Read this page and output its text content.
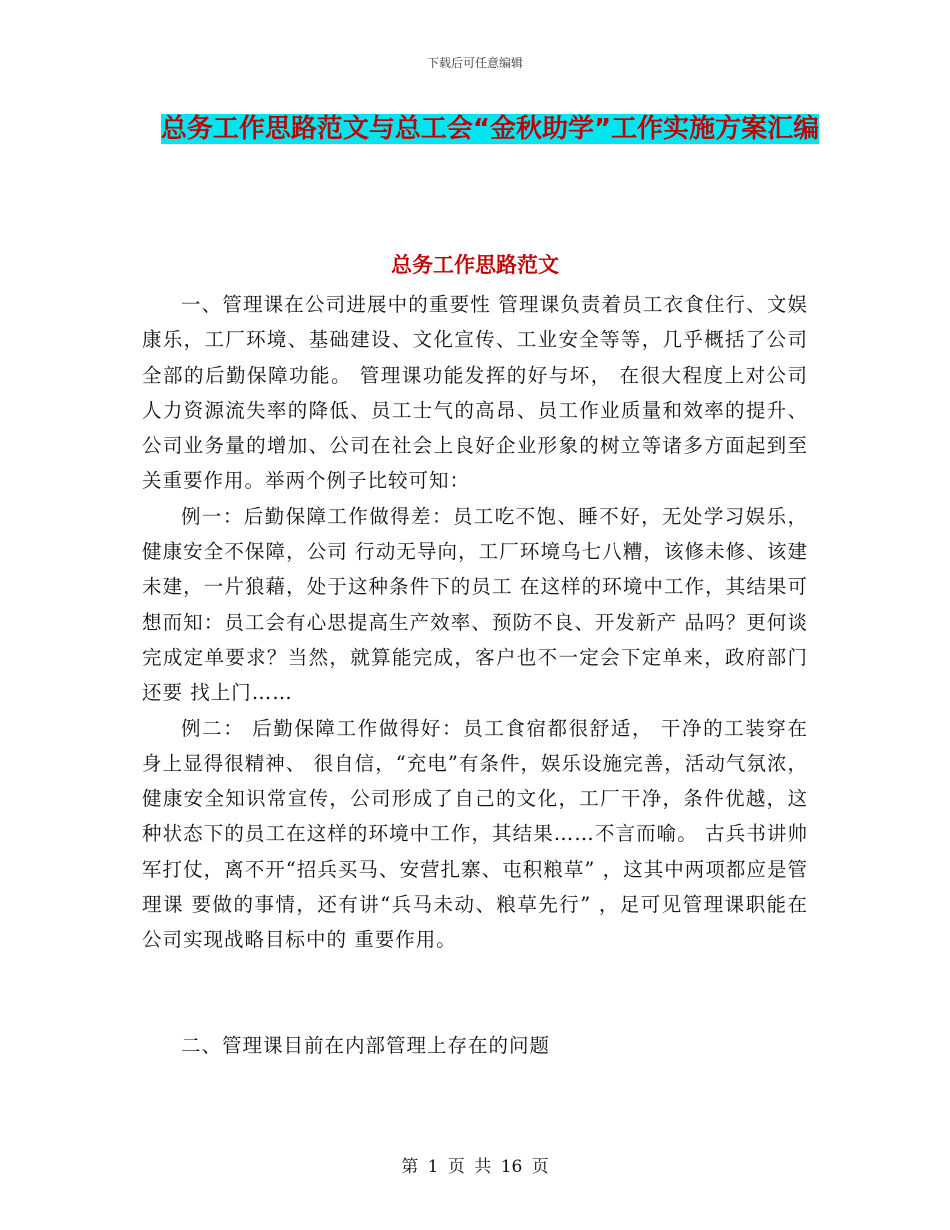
下载后可任意编辑
总务工作思路范文与总工会“金秋助学”工作实施方案汇编
总务工作思路范文

一、管理课在公司进展中的重要性 管理课负责着员工衣食住行、文娱康乐，工厂环境、基础建设、文化宣传、工业安全等等，几乎概括了公司全部的后勤保障功能。 管理课功能发挥的好与坏， 在很大程度上对公司人力资源流失率的降低、员工士气的高昂、员工作业质量和效率的提升、公司业务量的增加、公司在社会上良好企业形象的树立等诸多方面起到至关重要作用。举两个例子比较可知：

例一：后勤保障工作做得差：员工吃不饱、睡不好，无处学习娱乐，健康安全不保障，公司 行动无导向，工厂环境乌七八糟，该修未修、该建未建，一片狼藉，处于这种条件下的员工 在这样的环境中工作，其结果可想而知：员工会有心思提高生产效率、预防不良、开发新产 品吗？更何谈完成定单要求？当然，就算能完成，客户也不一定会下定单来，政府部门还要 找上门……

例二： 后勤保障工作做得好：员工食宿都很舒适， 干净的工装穿在身上显得很精神、 很自信，“充电”有条件，娱乐设施完善，活动气氛浓，健康安全知识常宣传，公司形成了自己的文化，工厂干净，条件优越，这种状态下的员工在这样的环境中工作，其结果……不言而喻。 古兵书讲帅军打仗，离不开“招兵买马、安营扎寨、屯积粮草” ，这其中两项都应是管理课 要做的事情，还有讲“兵马未动、粮草先行” ，足可见管理课职能在公司实现战略目标中的 重要作用。

二、管理课目前在内部管理上存在的问题
第 1 页 共 16 页
